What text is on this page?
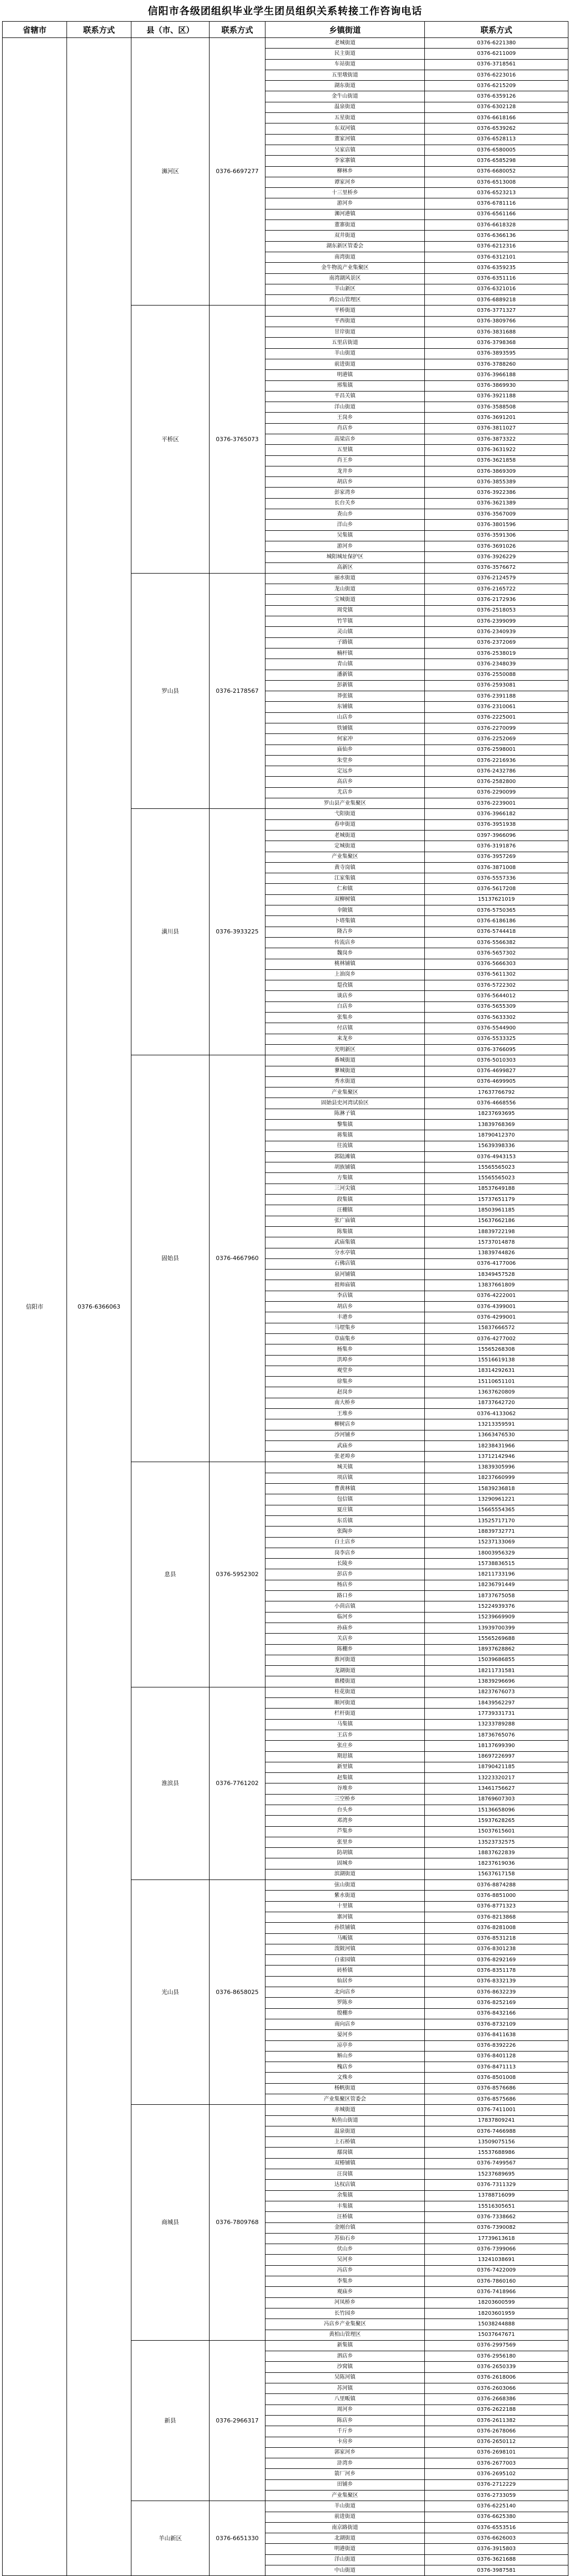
信阳市各级团组织毕业学生团员组织关系转接工作咨询电话
省辖市	联系方式	县（市、区）	联系方式	乡镇街道	联系方式
信阳市	0376-6366063	浉河区	0376-6697277	老城街道	0376-6221380
				民主街道	0376-6211009
				车站街道	0376-3718561
				五里墩街道	0376-6223016
				湖东街道	0376-6215209
				金牛山街道	0376-6359126
				温泉街道	0376-6302128
				五星街道	0376-6618166
				东双河镇	0376-6539262
				董家河镇	0376-6528113
				吴家店镇	0376-6580005
				李家寨镇	0376-6585298
				柳林乡	0376-6680052
				谭家河乡	0376-6513008
				十三里桥乡	0376-6523213
				游河乡	0376-6781116
				浉河港镇	0376-6561166
				董寨街道	0376-6618328
				双井街道	0376-6366136
				湖东新区管委会	0376-6212316
				南湾街道	0376-6312101
				金牛物流产业集聚区	0376-6359235
				南湾湖风景区	0376-6351116
				羊山新区	0376-6321016
				鸡公山管理区	0376-6889218
		平桥区	0376-3765073	平桥街道	0376-3771327
				平西街道	0376-3809766
				甘岸街道	0376-3831688
				五里店街道	0376-3798368
				羊山街道	0376-3893595
				前进街道	0376-3788260
				明港镇	0376-3966188
				邢集镇	0376-3869930
				平昌关镇	0376-3921188
				洋山街道	0376-3588508
				王岗乡	0376-3691201
				肖店乡	0376-3811027
				高梁店乡	0376-3873322
				五里镇	0376-3631922
				肖王乡	0376-3621858
				龙井乡	0376-3869309
				胡店乡	0376-3855389
				彭家湾乡	0376-3922386
				长台关乡	0376-3621389
				查山乡	0376-3567009
				洋山乡	0376-3801596
				吴集镇	0376-3591306
				游河乡	0376-3691026
				城阳城址保护区	0376-3926229
				高新区	0376-3576672
		罗山县	0376-2178567	丽水街道	0376-2124579
				龙山街道	0376-2165722
				宝城街道	0376-2172936
				周党镇	0376-2518053
				竹竿镇	0376-2399099
				灵山镇	0376-2340939
				子路镇	0376-2372069
				楠杆镇	0376-2538019
				青山镇	0376-2348039
				潘新镇	0376-2550088
				彭新镇	0376-2593081
				莽张镇	0376-2391188
				东铺镇	0376-2310061
				山店乡	0376-2225001
				铁铺镇	0376-2270099
				何家冲	0376-2252069
				庙仙乡	0376-2598001
				朱堂乡	0376-2216936
				定远乡	0376-2432786
				高店乡	0376-2582800
				尤店乡	0376-2290099
				罗山县产业集聚区	0376-2239001
		潢川县	0376-3933225	弋阳街道	0376-3966182
				春申街道	0376-3951938
				老城街道	0397-3966096
				定城街道	0376-3191876
				产业集聚区	0376-3957269
				黄寺岗镇	0376-3871008
				江家集镇	0376-5557336
				仁和镇	0376-5617208
				双柳树镇	15137621019
				伞陂镇	0376-5750365
				卜塔集镇	0376-6186186
				隆古乡	0376-5744418
				传流店乡	0376-5566382
				魏岗乡	0376-5657302
				桃林铺镇	0376-5666303
				上油岗乡	0376-5611302
				踅孜镇	0376-5722302
				谈店乡	0376-5644012
				白店乡	0376-5655309
				张集乡	0376-5633302
				付店镇	0376-5544900
				来龙乡	0376-5533325
				光明新区	0376-3766095
		固始县	0376-4667960	番城街道	0376-5010303
				蓼城街道	0376-4699827
				秀水街道	0376-4699905
				产业集聚区	17637766792
				固始县史河湾试验区	0376-4668556
				陈淋子镇	18237693695
				黎集镇	13839768369
				蒋集镇	18790412370
				往流镇	15639398336
				郭陆滩镇	0376-4943153
				胡族铺镇	15565565023
				方集镇	15565565023
				三河尖镇	18537649188
				段集镇	15737651179
				汪棚镇	18503961185
				张广庙镇	15637662186
				陈集镇	18839722198
				武庙集镇	15737014878
				分水亭镇	13839744826
				石佛店镇	0376-4177006
				泉河铺镇	18349457528
				祖师庙镇	13837661809
				李店镇	0376-4222001
				胡店乡	0376-4399001
				丰港乡	0376-4299001
				马堽集乡	15837666572
				草庙集乡	0376-4277002
				杨集乡	15565268308
				洪埠乡	15516619138
				观堂乡	18314292631
				徐集乡	15110651101
				赵岗乡	13637620809
				南大桥乡	18737642720
				王堆乡	0376-4133062
				柳树店乡	13213359591
				沙河铺乡	13663476530
				武庙乡	18238431966
				张老埠乡	13712142946
		息县	0376-5952302	城关镇	13839305996
				项店镇	18237660999
				曹黄林镇	15839236818
				包信镇	13290961221
				夏庄镇	15665554365
				东岳镇	13525717170
				张陶乡	18839732771
				白土店乡	15237133069
				岗李店乡	18003956329
				长陵乡	15738836515
				彭店乡	18211733196
				杨店乡	18236791449
				路口乡	18737675058
				小茴店镇	15224939376
				临河乡	15239669909
				孙庙乡	13939700399
				关店乡	15565269688
				陈棚乡	18937628862
				淮河街道	15039686855
				龙湖街道	18211731581
				谯楼街道	13839296696
		淮滨县	0376-7761202	桂花街道	18237676073
				顺河街道	18439562297
				栏杆街道	17739331731
				马集镇	13233789288
				王店乡	18736765076
				张庄乡	18137699390
				期思镇	18697226997
				新里镇	18790421185
				赵集镇	13223320217
				谷堆乡	13461756627
				三空桥乡	18769607303
				台头乡	15136658096
				邓湾乡	15937628265
				芦集乡	15037615601
				张里乡	13523732575
				防胡镇	18837622839
				固城乡	18237619036
				滨湖街道	15637617158
		光山县	0376-8658025	弦山街道	0376-8874288
				紫水街道	0376-8851000
				十里镇	0376-8771323
				寨河镇	0376-8213868
				孙铁铺镇	0376-8281008
				马畈镇	0376-8531218
				泼陂河镇	0376-8301238
				白雀园镇	0376-8292169
				砖桥镇	0376-8351178
				仙居乡	0376-8332139
				北向店乡	0376-8632239
				罗陈乡	0376-8252169
				殷棚乡	0376-8432166
				南向店乡	0376-8732109
				晏河乡	0376-8411638
				凉亭乡	0376-8392226
				斛山乡	0376-8401128
				槐店乡	0376-8471113
				文殊乡	0376-8501008
				杨帆街道	0376-8576686
				产业集聚区管委会	0376-8575686
		商城县	0376-7809768	赤城街道	0376-7411001
				鲇鱼山街道	17837809241
				温泉街道	0376-7466988
				上石桥镇	13509075156
				鄢岗镇	15537688986
				双椿铺镇	0376-7499567
				汪岗镇	15237689695
				达权店镇	0376-7311329
				余集镇	13788716099
				丰集镇	15516305651
				汪桥镇	0376-7338662
				金刚台镇	0376-7390082
				苏仙石乡	17739613618
				伏山乡	0376-7399066
				吴河乡	13241038691
				冯店乡	0376-7422009
				李集乡	0376-7860160
				观庙乡	0376-7418966
				河凤桥乡	18203600599
				长竹园乡	18203601959
				冯店乡产业集聚区	15038244888
				黄柏山管理区	15037647671
		新县	0376-2966317	新集镇	0376-2997569
				泗店乡	0376-2956180
				沙窝镇	0376-2650339
				吴陈河镇	0376-2618006
				苏河镇	0376-2603066
				八里畈镇	0376-2668386
				周河乡	0376-2622188
				陈店乡	0376-2611382
				千斤乡	0376-2678066
				卡房乡	0376-2650112
				郭家河乡	0376-2698101
				浒湾乡	0376-2677003
				箭厂河乡	0376-2695102
				田铺乡	0376-2712229
				产业集聚区	0376-2733059
		羊山新区	0376-6651330	羊山街道	0376-6225140
				前进街道	0376-6625380
				南京路街道	0376-6553516
				北湖街道	0376-6626003
				明港街道	0376-3915803
				洋山街道	0376-3621688
				中山街道	0376-3987581
